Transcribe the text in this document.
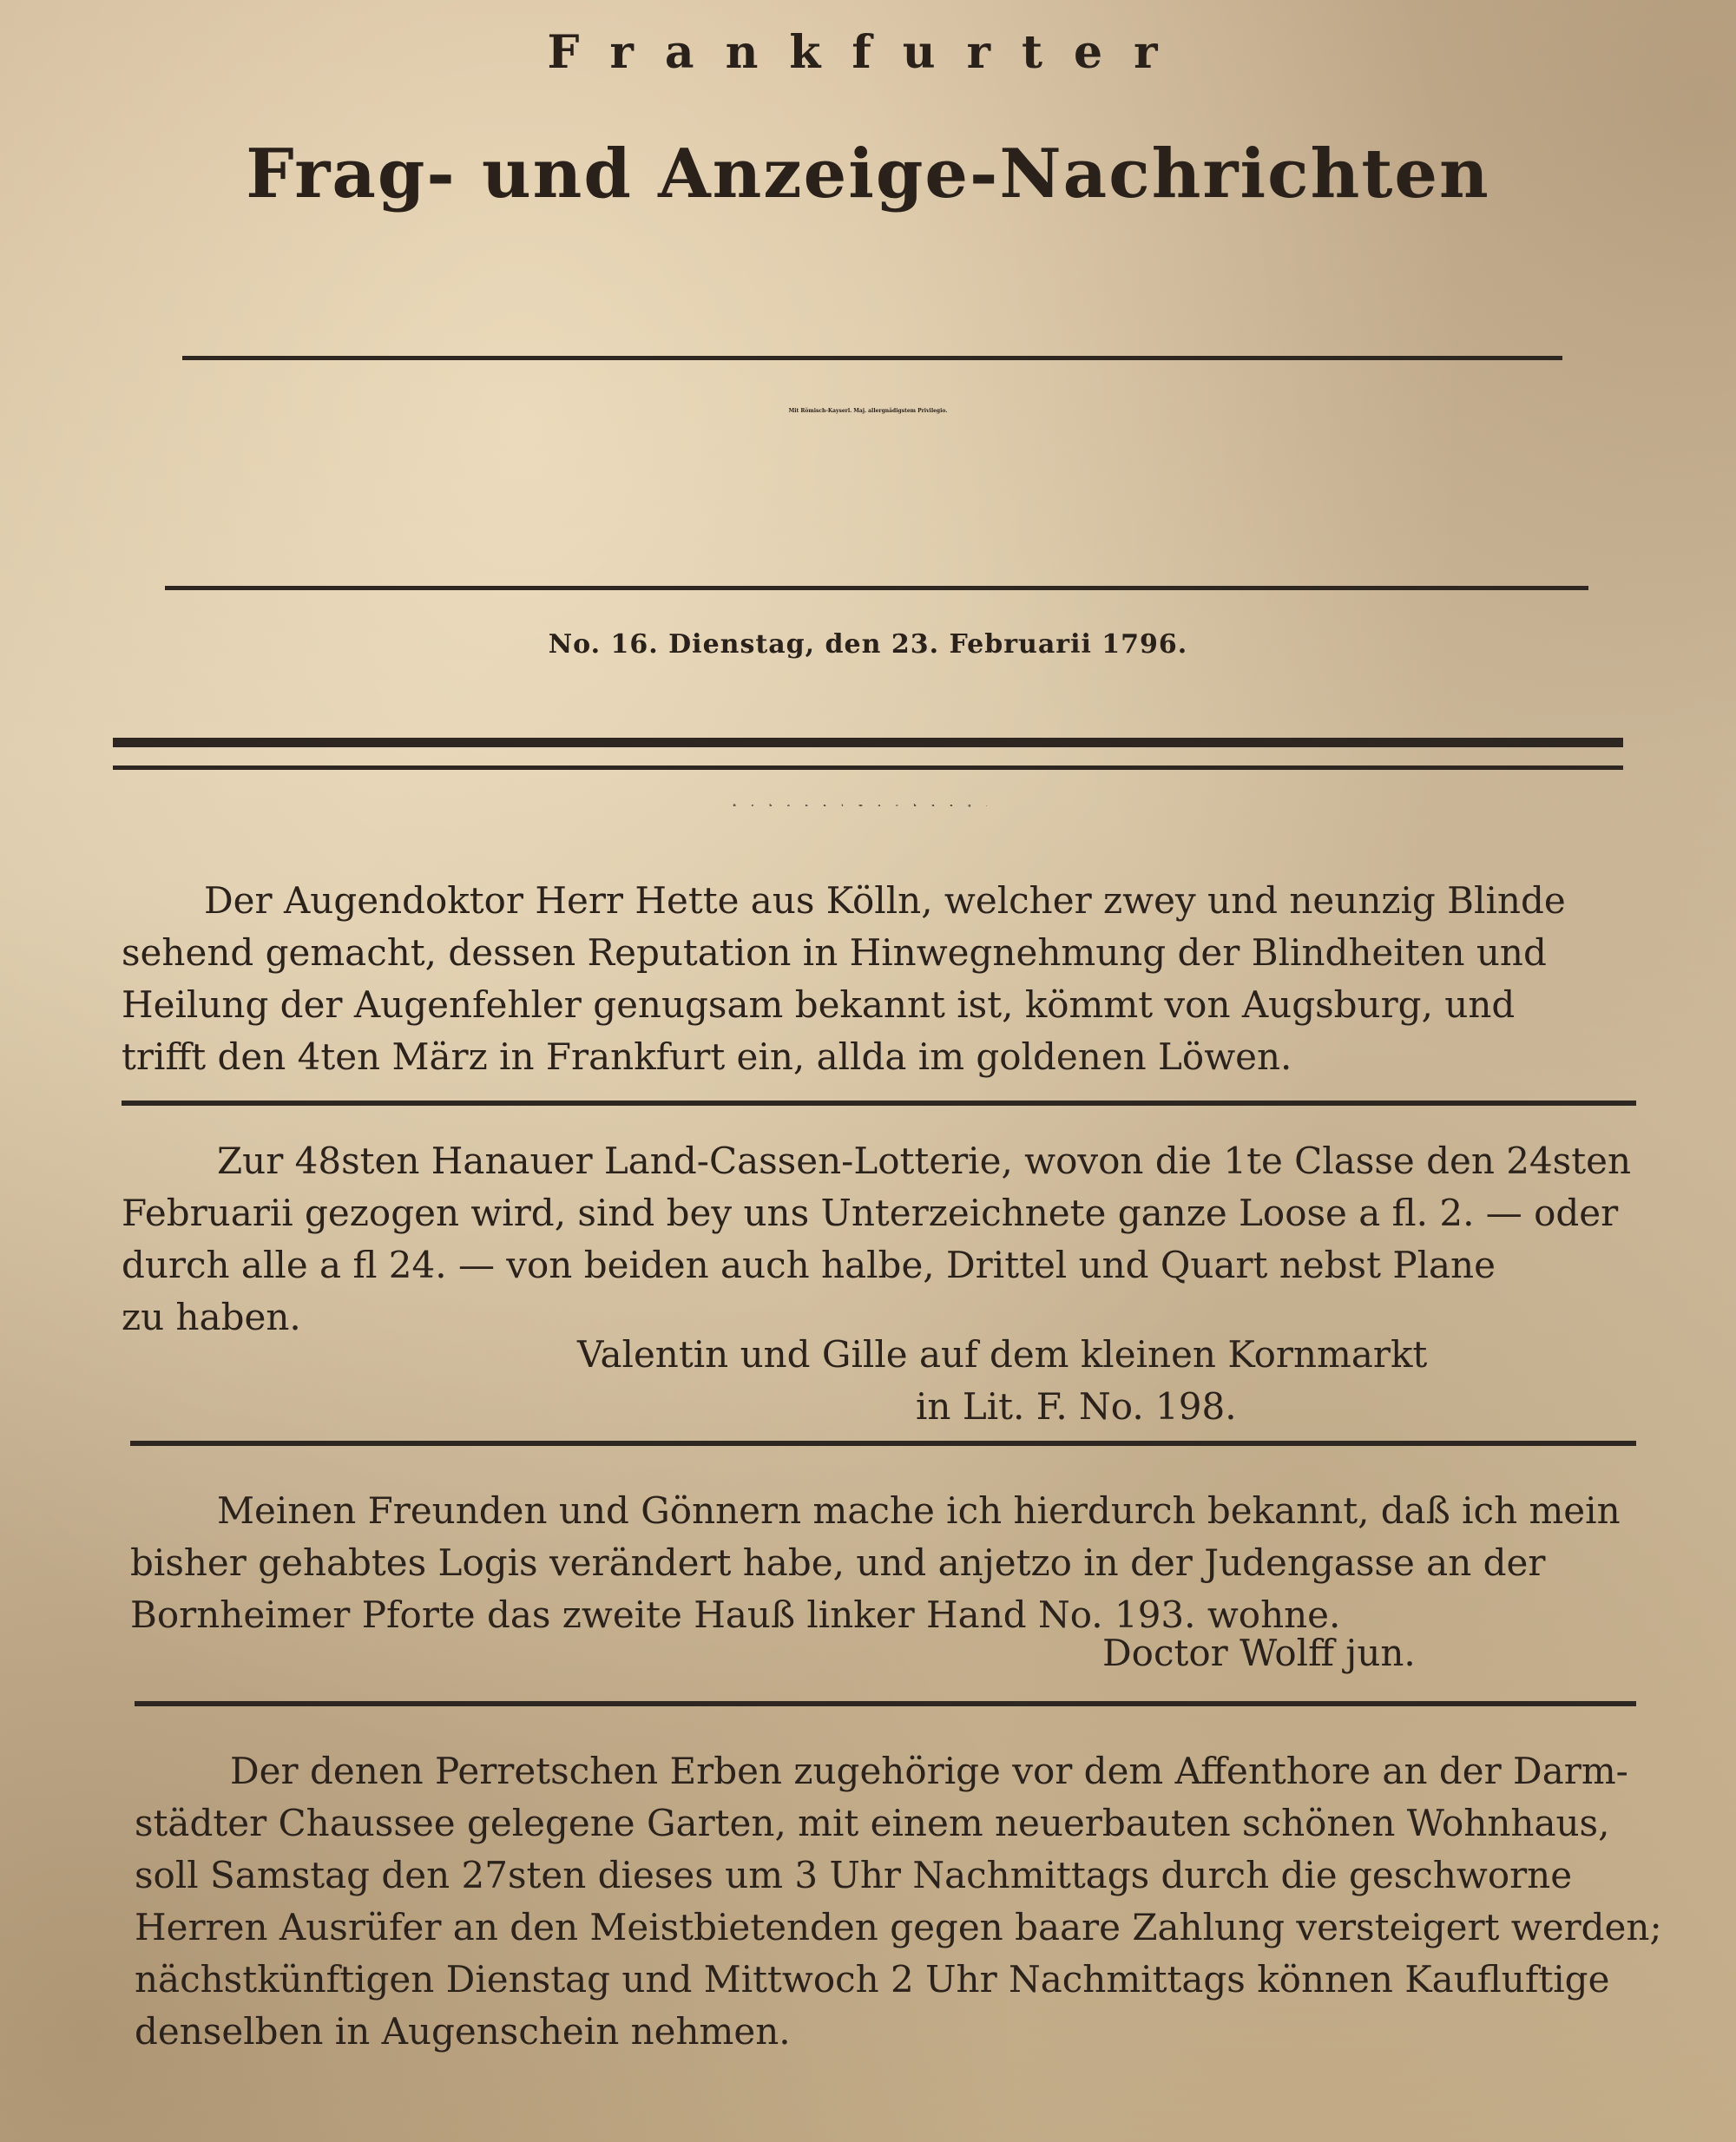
Frankfurter
Frag- und Anzeige-Nachrichten
Mit Römisch-Kayserl. Maj. allergnädigstem Privilegio.
No. 16. Dienstag, den 23. Februarii 1796.
Bekanntmachung.
Der Augendoktor Herr Hette aus Kölln, welcher zwey und neunzig Blinde
sehend gemacht, dessen Reputation in Hinwegnehmung der Blindheiten und
Heilung der Augenfehler genugsam bekannt ist, kömmt von Augsburg, und
trifft den 4ten März in Frankfurt ein, allda im goldenen Löwen.
Zur 48sten Hanauer Land-Cassen-Lotterie, wovon die 1te Classe den 24sten
Februarii gezogen wird, sind bey uns Unterzeichnete ganze Loose a fl. 2. — oder
durch alle a fl 24. — von beiden auch halbe, Drittel und Quart nebst Plane
zu haben.
Valentin und Gille auf dem kleinen Kornmarkt
in Lit. F. No. 198.
Meinen Freunden und Gönnern mache ich hierdurch bekannt, daß ich mein
bisher gehabtes Logis verändert habe, und anjetzo in der Judengasse an der
Bornheimer Pforte das zweite Hauß linker Hand No. 193. wohne.
Doctor Wolff jun.
Der denen Perretschen Erben zugehörige vor dem Affenthore an der Darm-
städter Chaussee gelegene Garten, mit einem neuerbauten schönen Wohnhaus,
soll Samstag den 27sten dieses um 3 Uhr Nachmittags durch die geschworne
Herren Ausrüfer an den Meistbietenden gegen baare Zahlung versteigert werden;
nächstkünftigen Dienstag und Mittwoch 2 Uhr Nachmittags können Kaufluftige
denselben in Augenschein nehmen.
